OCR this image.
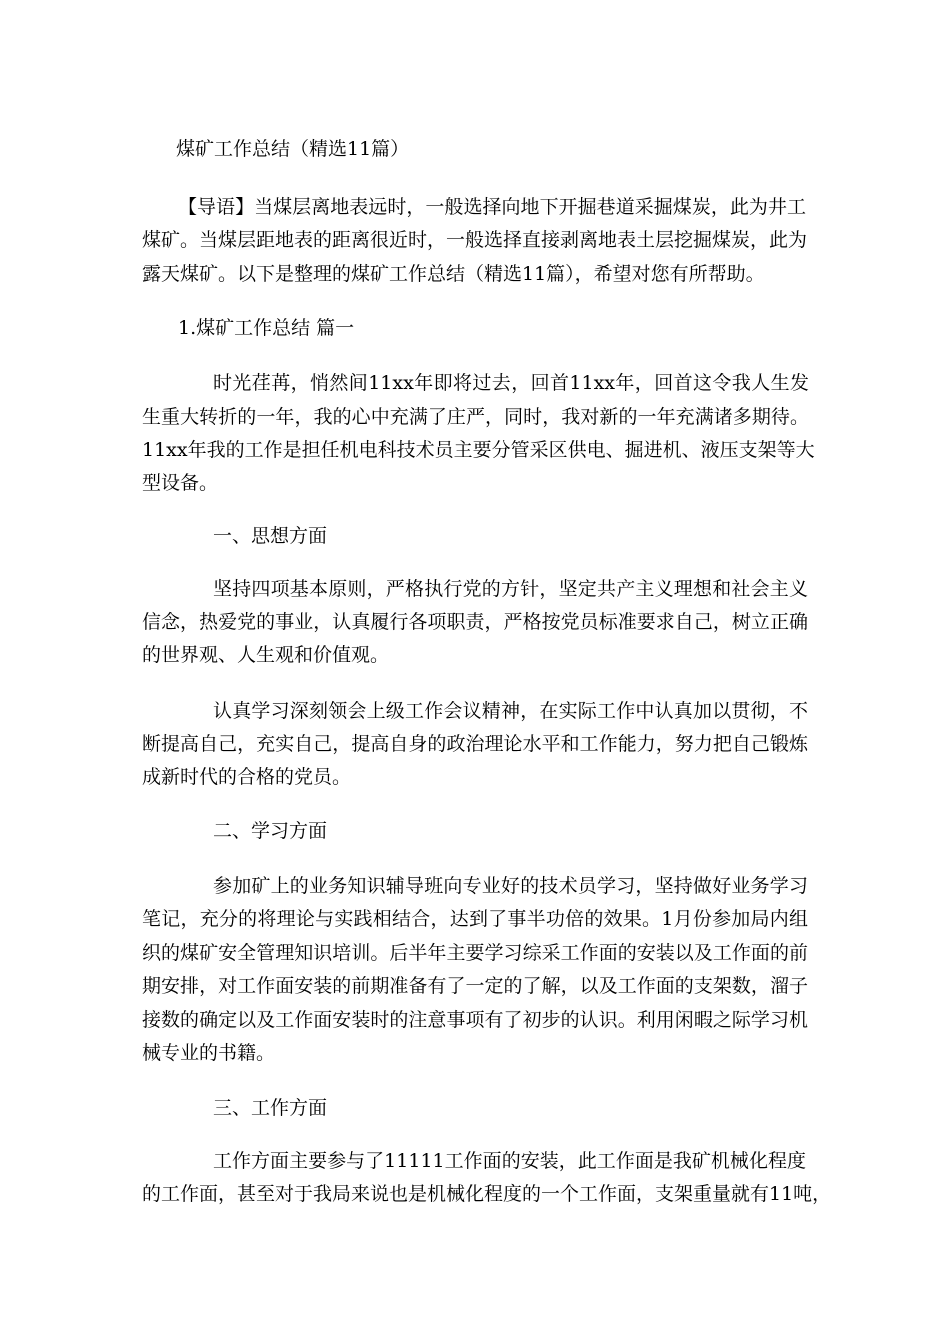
煤矿工作总结（精选11篇）
【导语】当煤层离地表远时，一般选择向地下开掘巷道采掘煤炭，此为井工
煤矿。当煤层距地表的距离很近时，一般选择直接剥离地表土层挖掘煤炭，此为
露天煤矿。以下是整理的煤矿工作总结（精选11篇），希望对您有所帮助。
1.煤矿工作总结 篇一
时光荏苒，悄然间11xx年即将过去，回首11xx年，回首这令我人生发
生重大转折的一年，我的心中充满了庄严，同时，我对新的一年充满诸多期待。
11xx年我的工作是担任机电科技术员主要分管采区供电、掘进机、液压支架等大
型设备。
一、思想方面
坚持四项基本原则，严格执行党的方针，坚定共产主义理想和社会主义
信念，热爱党的事业，认真履行各项职责，严格按党员标准要求自己，树立正确
的世界观、人生观和价值观。
认真学习深刻领会上级工作会议精神，在实际工作中认真加以贯彻，不
断提高自己，充实自己，提高自身的政治理论水平和工作能力，努力把自己锻炼
成新时代的合格的党员。
二、学习方面
参加矿上的业务知识辅导班向专业好的技术员学习，坚持做好业务学习
笔记，充分的将理论与实践相结合，达到了事半功倍的效果。1月份参加局内组
织的煤矿安全管理知识培训。后半年主要学习综采工作面的安装以及工作面的前
期安排，对工作面安装的前期准备有了一定的了解，以及工作面的支架数，溜子
接数的确定以及工作面安装时的注意事项有了初步的认识。利用闲暇之际学习机
械专业的书籍。
三、工作方面
工作方面主要参与了11111工作面的安装，此工作面是我矿机械化程度
的工作面，甚至对于我局来说也是机械化程度的一个工作面，支架重量就有11吨，
